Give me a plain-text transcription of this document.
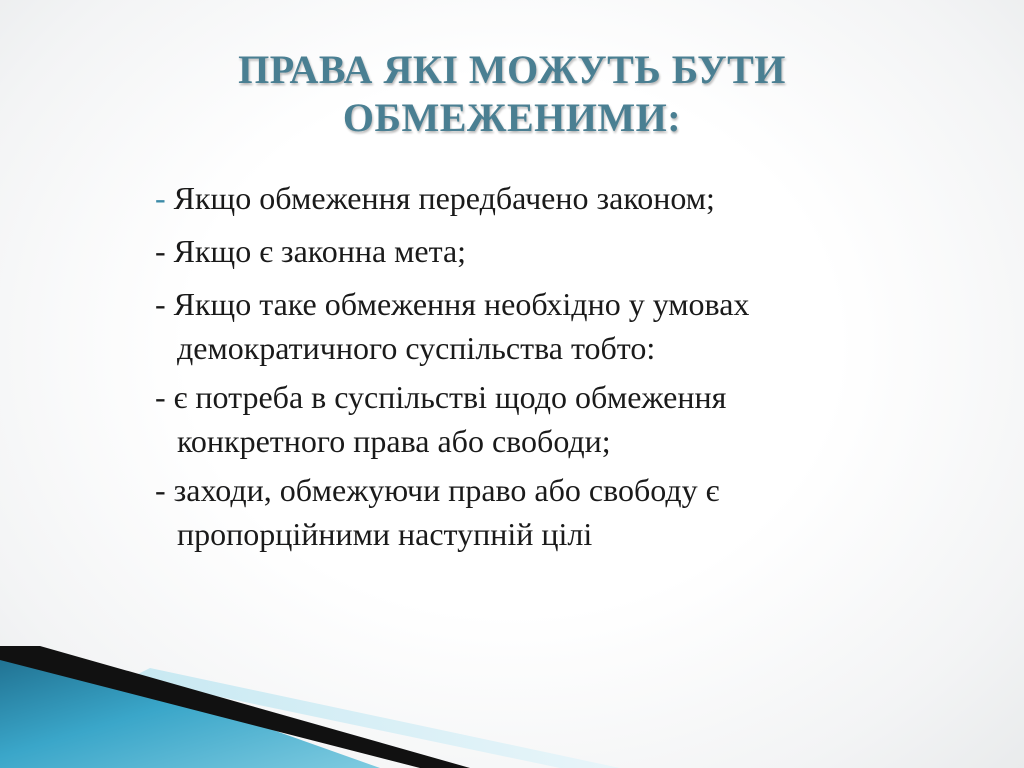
ПРАВА ЯКІ МОЖУТЬ БУТИ
ОБМЕЖЕНИМИ:
- Якщо обмеження передбачено законом;
- Якщо є законна мета;
- Якщо таке обмеження необхідно у умовах
демократичного суспільства тобто:
- є потреба в суспільстві щодо обмеження
конкретного права або свободи;
- заходи, обмежуючи право або свободу є
пропорційними наступній цілі
